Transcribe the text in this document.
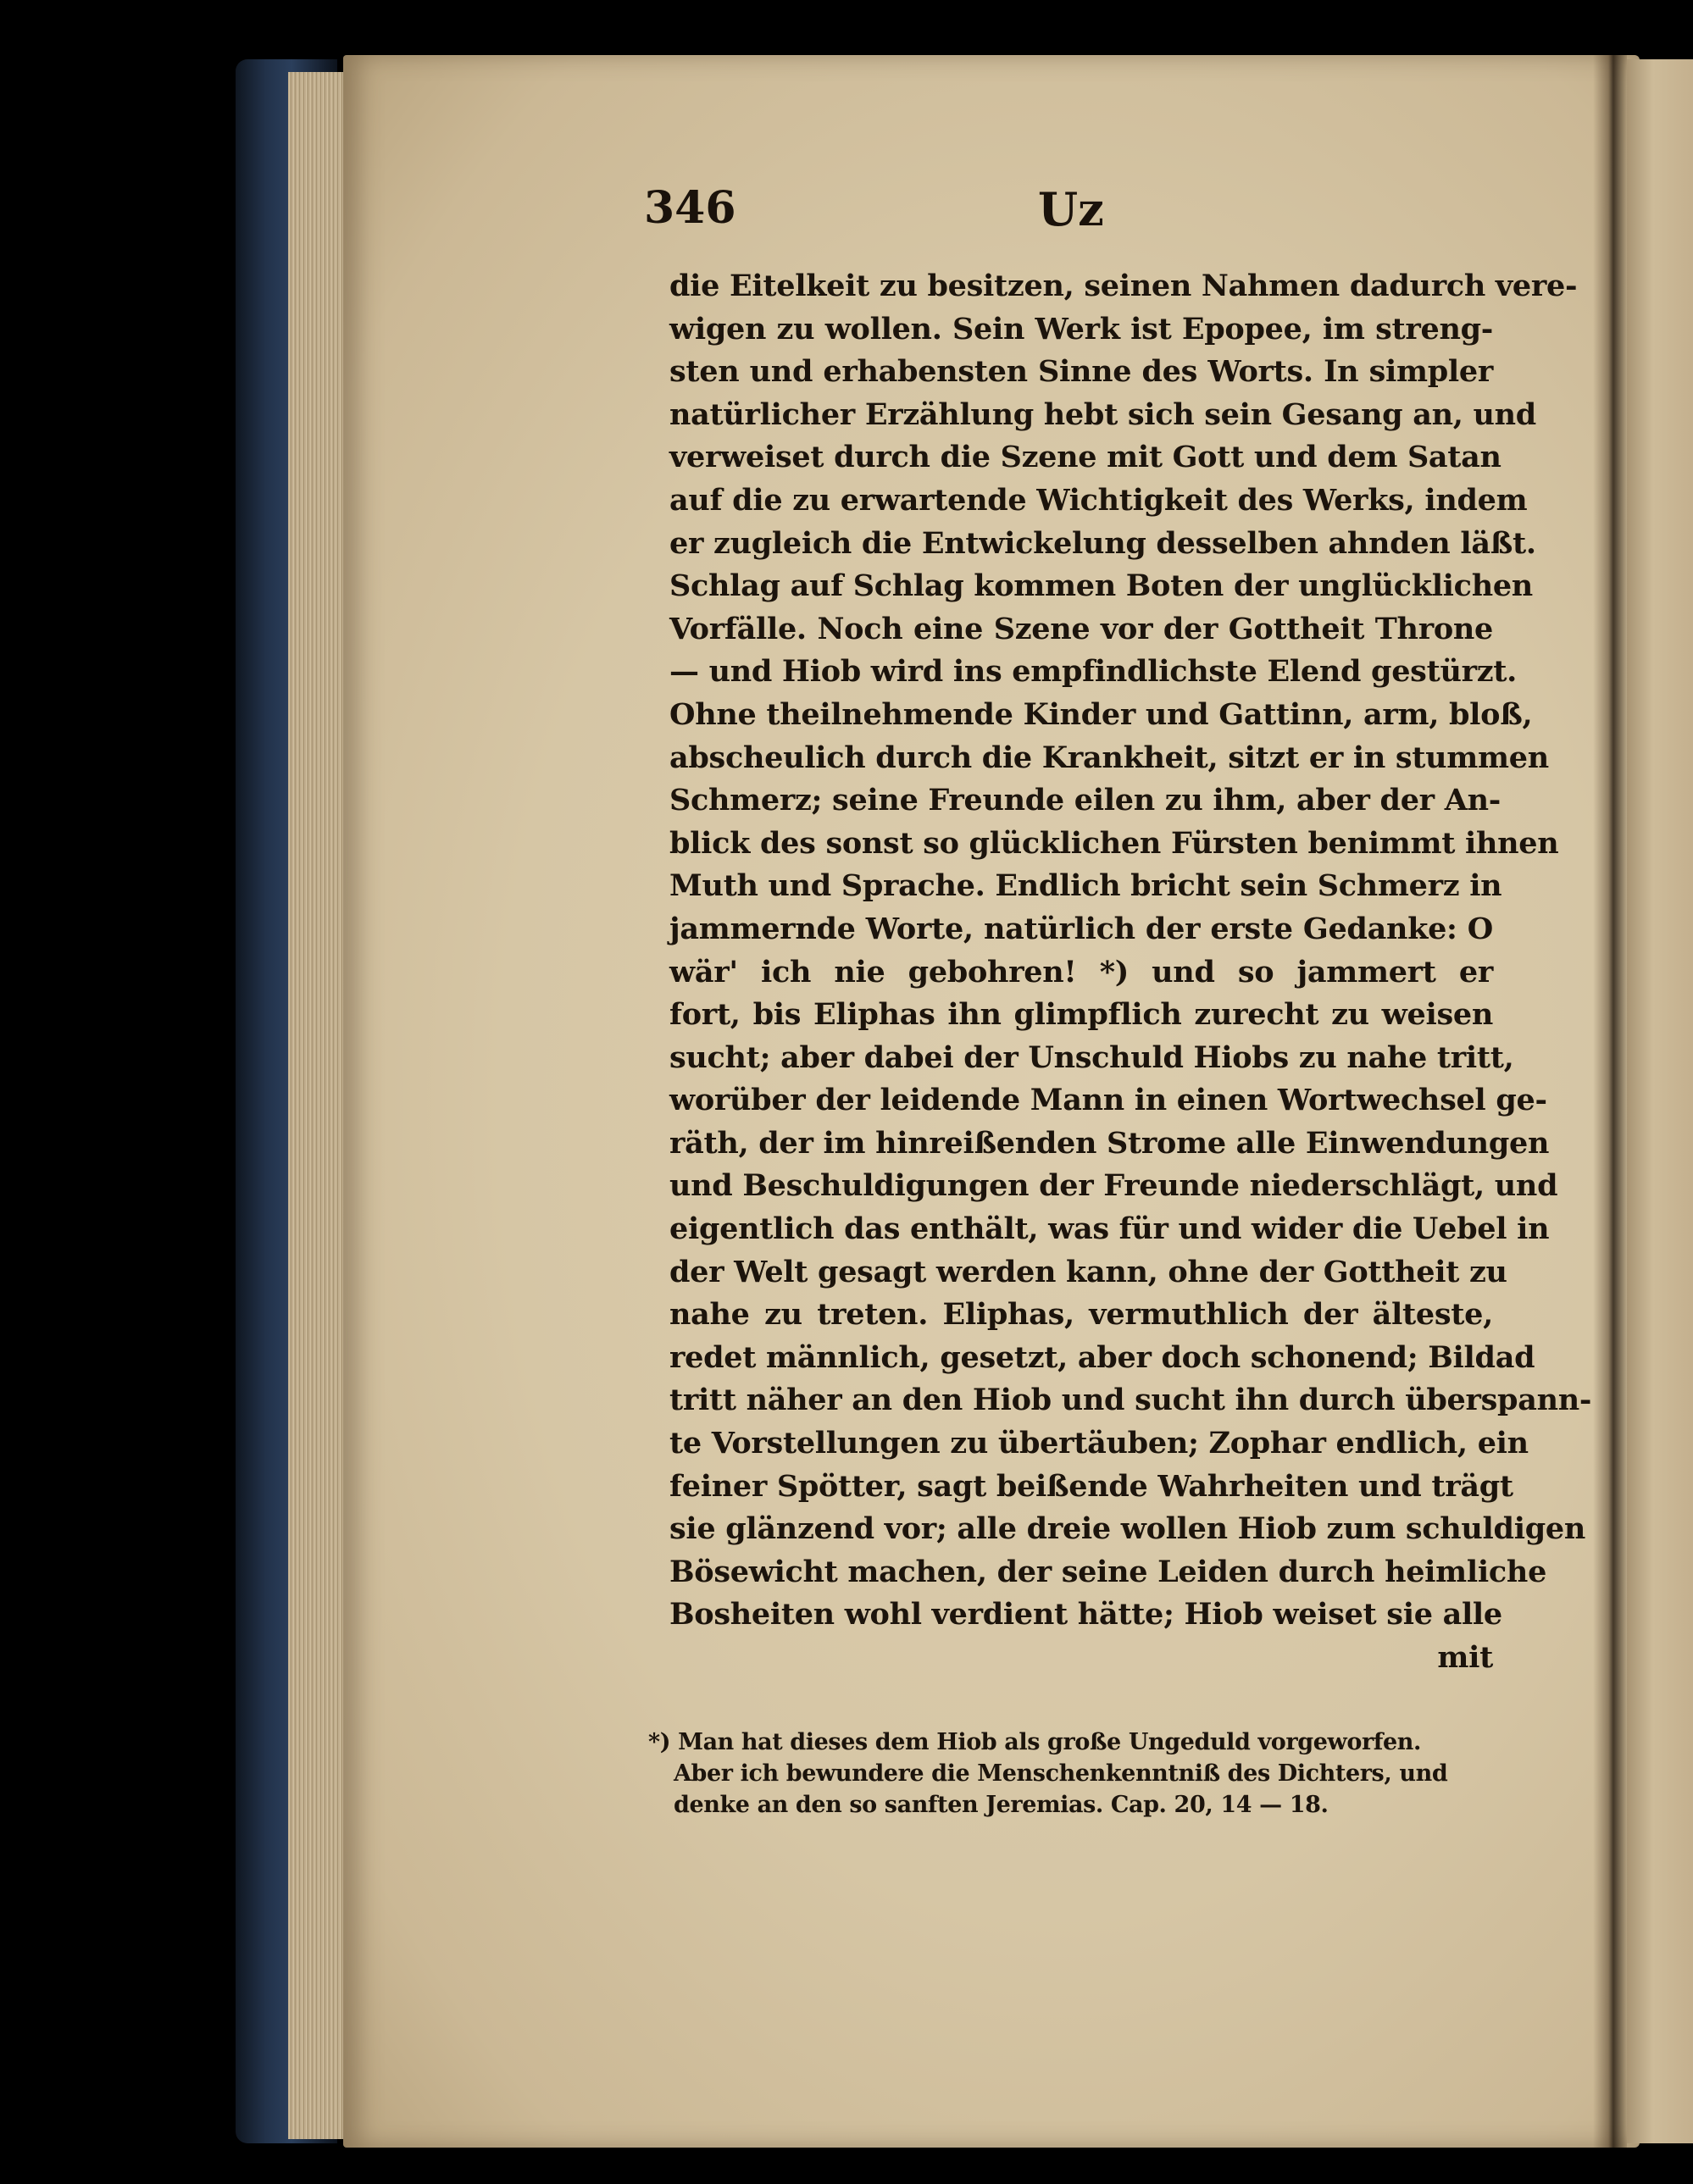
346	Uz
die Eitelkeit zu besitzen, seinen Nahmen dadurch vere-
wigen zu wollen. Sein Werk ist Epopee, im streng-
sten und erhabensten Sinne des Worts. In simpler
natürlicher Erzählung hebt sich sein Gesang an, und
verweiset durch die Szene mit Gott und dem Satan
auf die zu erwartende Wichtigkeit des Werks, indem
er zugleich die Entwickelung desselben ahnden läßt.
Schlag auf Schlag kommen Boten der unglücklichen
Vorfälle. Noch eine Szene vor der Gottheit Throne
— und Hiob wird ins empfindlichste Elend gestürzt.
Ohne theilnehmende Kinder und Gattinn, arm, bloß,
abscheulich durch die Krankheit, sitzt er in stummen
Schmerz; seine Freunde eilen zu ihm, aber der An-
blick des sonst so glücklichen Fürsten benimmt ihnen
Muth und Sprache. Endlich bricht sein Schmerz in
jammernde Worte, natürlich der erste Gedanke: O
wär' ich nie gebohren! *) und so jammert er
fort, bis Eliphas ihn glimpflich zurecht zu weisen
sucht; aber dabei der Unschuld Hiobs zu nahe tritt,
worüber der leidende Mann in einen Wortwechsel ge-
räth, der im hinreißenden Strome alle Einwendungen
und Beschuldigungen der Freunde niederschlägt, und
eigentlich das enthält, was für und wider die Uebel in
der Welt gesagt werden kann, ohne der Gottheit zu
nahe zu treten. Eliphas, vermuthlich der älteste,
redet männlich, gesetzt, aber doch schonend; Bildad
tritt näher an den Hiob und sucht ihn durch überspann-
te Vorstellungen zu übertäuben; Zophar endlich, ein
feiner Spötter, sagt beißende Wahrheiten und trägt
sie glänzend vor; alle dreie wollen Hiob zum schuldigen
Bösewicht machen, der seine Leiden durch heimliche
Bosheiten wohl verdient hätte; Hiob weiset sie alle
mit
*) Man hat dieses dem Hiob als große Ungeduld vorgeworfen.
Aber ich bewundere die Menschenkenntniß des Dichters, und
denke an den so sanften Jeremias. Cap. 20, 14 — 18.
